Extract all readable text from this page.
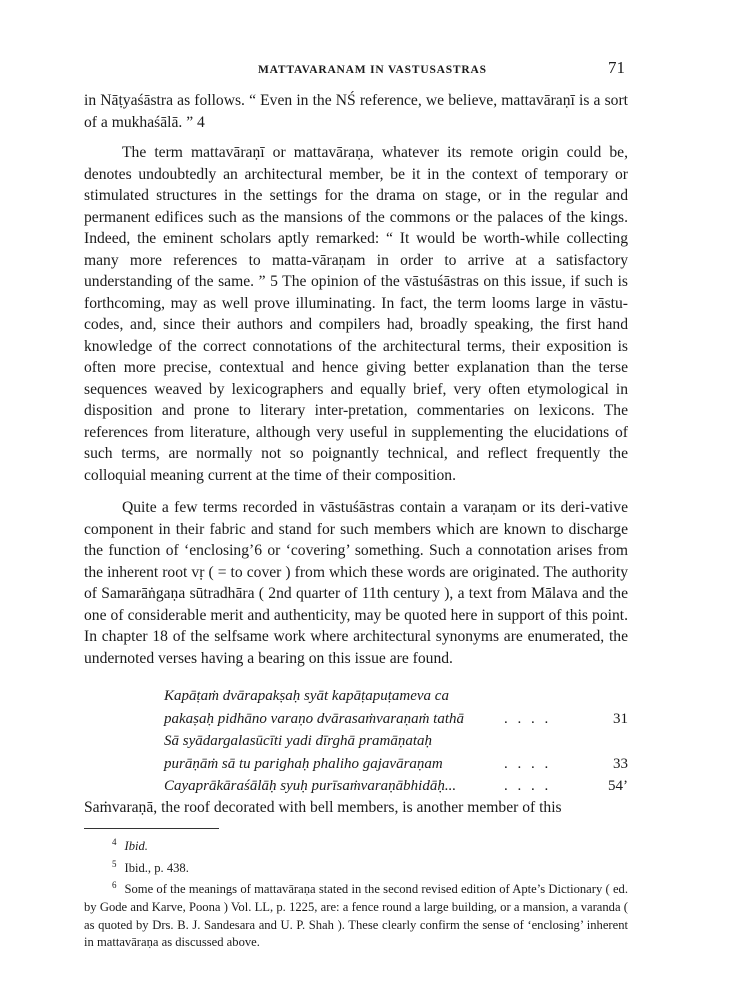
MATTAVARANAM IN VASTUSASTRAS	71
in Nāṭyaśāstra as follows. “ Even in the NŚ reference, we believe, mattavāraṇī is a sort of a mukhaśālā. ” 4
The term mattavāraṇī or mattavāraṇa, whatever its remote origin could be, denotes undoubtedly an architectural member, be it in the context of temporary or stimulated structures in the settings for the drama on stage, or in the regular and permanent edifices such as the mansions of the commons or the palaces of the kings. Indeed, the eminent scholars aptly remarked: “ It would be worth-while collecting many more references to matta-vāraṇam in order to arrive at a satisfactory understanding of the same. ” 5 The opinion of the vāstuśāstras on this issue, if such is forthcoming, may as well prove illuminating. In fact, the term looms large in vāstu-codes, and, since their authors and compilers had, broadly speaking, the first hand knowledge of the correct connotations of the architectural terms, their exposition is often more precise, contextual and hence giving better explanation than the terse sequences weaved by lexicographers and equally brief, very often etymological in disposition and prone to literary inter-pretation, commentaries on lexicons. The references from literature, although very useful in supplementing the elucidations of such terms, are normally not so poignantly technical, and reflect frequently the colloquial meaning current at the time of their composition.
Quite a few terms recorded in vāstuśāstras contain a varaṇam or its deri-vative component in their fabric and stand for such members which are known to discharge the function of ‘enclosing’6 or ‘covering’ something. Such a connotation arises from the inherent root vṛ ( = to cover ) from which these words are originated. The authority of Samarāṅgaṇa sūtradhāra ( 2nd quarter of 11th century ), a text from Mālava and the one of considerable merit and authenticity, may be quoted here in support of this point. In chapter 18 of the selfsame work where architectural synonyms are enumerated, the undernoted verses having a bearing on this issue are found.
Kapāṭaṁ dvārapakṣaḥ syāt kapāṭapuṭameva ca
pakaṣaḥ pidhāno varaṇo dvārasaṁvaraṇaṁ tathā	. . . .	31
Sā syādargalasūcīti yadi dīrghā pramāṇataḥ
purāṇāṁ sā tu parighaḥ phaliho gajavāraṇam	. . . .	33
Cayaprākāraśālāḥ syuḥ purīsaṁvaraṇābhidāḥ...	. . . .	54’
Saṁvaraṇā, the roof decorated with bell members, is another member of this
$^4$ Ibid.
$^5$ Ibid., p. 438.
$^6$ Some of the meanings of mattavāraṇa stated in the second revised edition of Apte’s Dictionary ( ed. by Gode and Karve, Poona ) Vol. LL, p. 1225, are: a fence round a large building, or a mansion, a varanda ( as quoted by Drs. B. J. Sandesara and U. P. Shah ). These clearly confirm the sense of ‘enclosing’ inherent in mattavāraṇa as discussed above.
